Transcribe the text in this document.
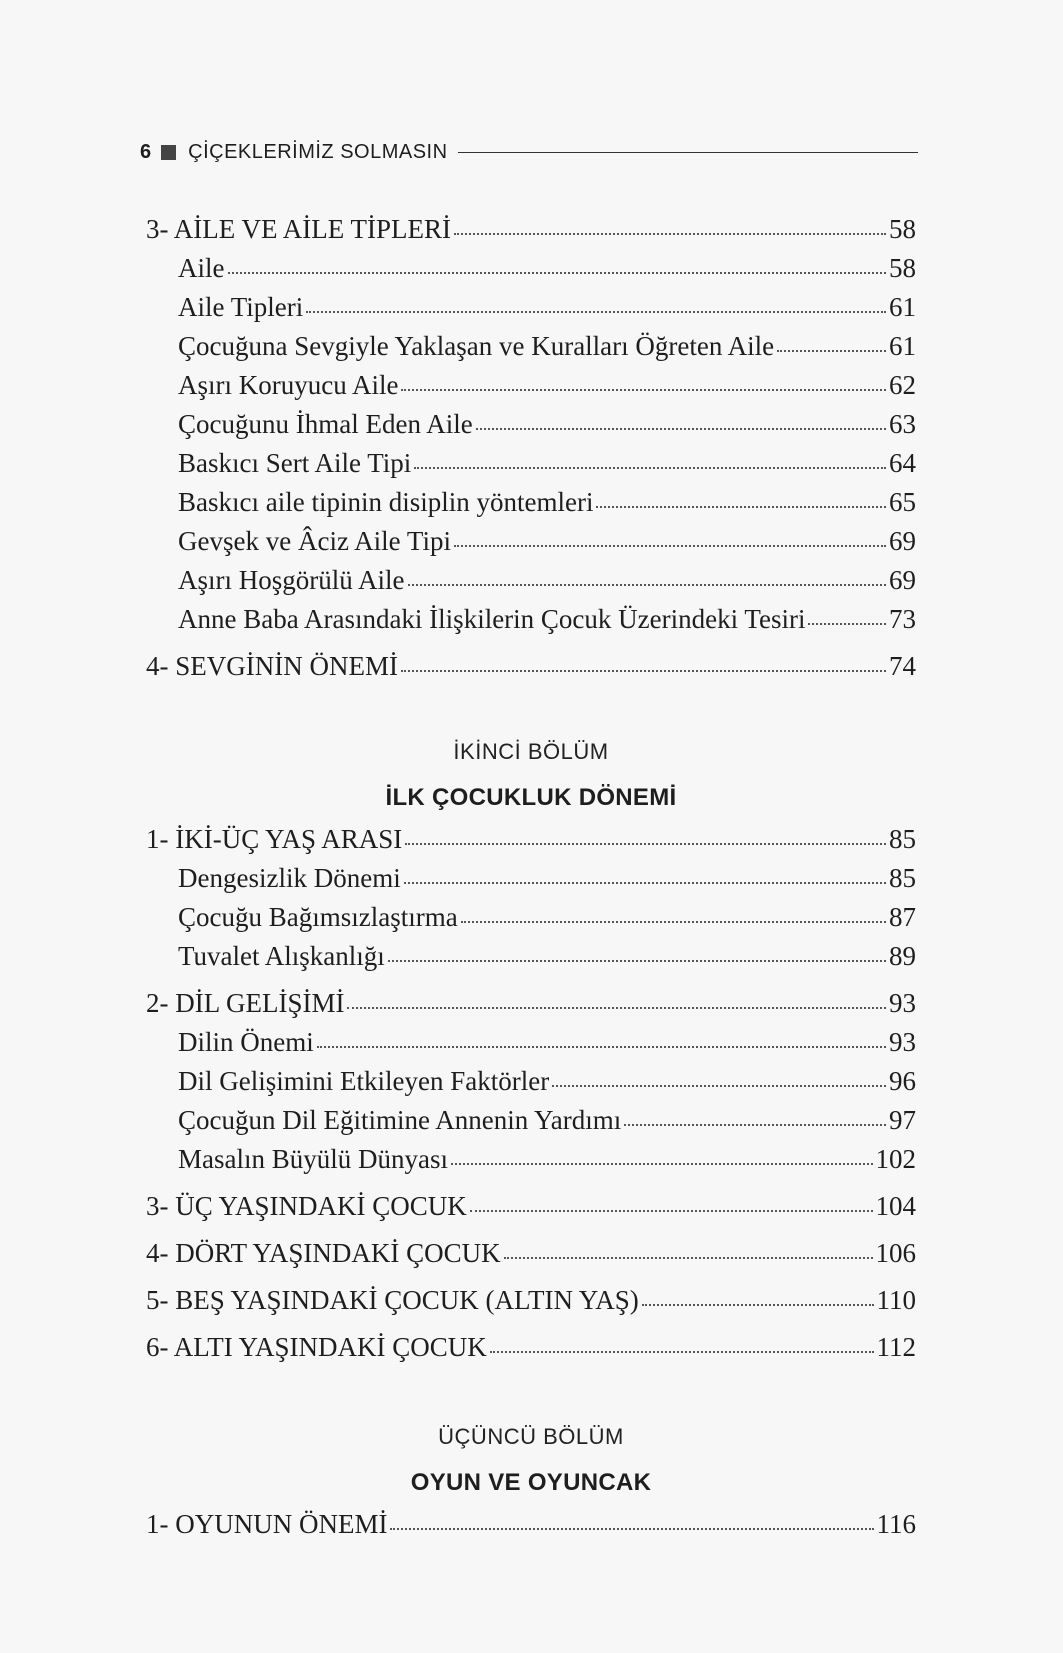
6 ÇİÇEKLERİMİZ SOLMASIN
3- AİLE VE AİLE TİPLERİ	58
Aile	58
Aile Tipleri	61
Çocuğuna Sevgiyle Yaklaşan ve Kuralları Öğreten Aile	61
Aşırı Koruyucu Aile	62
Çocuğunu İhmal Eden Aile	63
Baskıcı Sert Aile Tipi	64
Baskıcı aile tipinin disiplin yöntemleri	65
Gevşek ve Âciz Aile Tipi	69
Aşırı Hoşgörülü Aile	69
Anne Baba Arasındaki İlişkilerin Çocuk Üzerindeki Tesiri	73
4- SEVGİNİN ÖNEMİ	74
İKİNCİ BÖLÜM
İLK ÇOCUKLUK DÖNEMİ
1- İKİ-ÜÇ YAŞ ARASI	85
Dengesizlik Dönemi	85
Çocuğu Bağımsızlaştırma	87
Tuvalet Alışkanlığı	89
2- DİL GELİŞİMİ	93
Dilin Önemi	93
Dil Gelişimini Etkileyen Faktörler	96
Çocuğun Dil Eğitimine Annenin Yardımı	97
Masalın Büyülü Dünyası	102
3- ÜÇ YAŞINDAKİ ÇOCUK	104
4- DÖRT YAŞINDAKİ ÇOCUK	106
5- BEŞ YAŞINDAKİ ÇOCUK (ALTIN YAŞ)	110
6- ALTI YAŞINDAKİ ÇOCUK	112
ÜÇÜNCÜ BÖLÜM
OYUN VE OYUNCAK
1- OYUNUN ÖNEMİ	116
